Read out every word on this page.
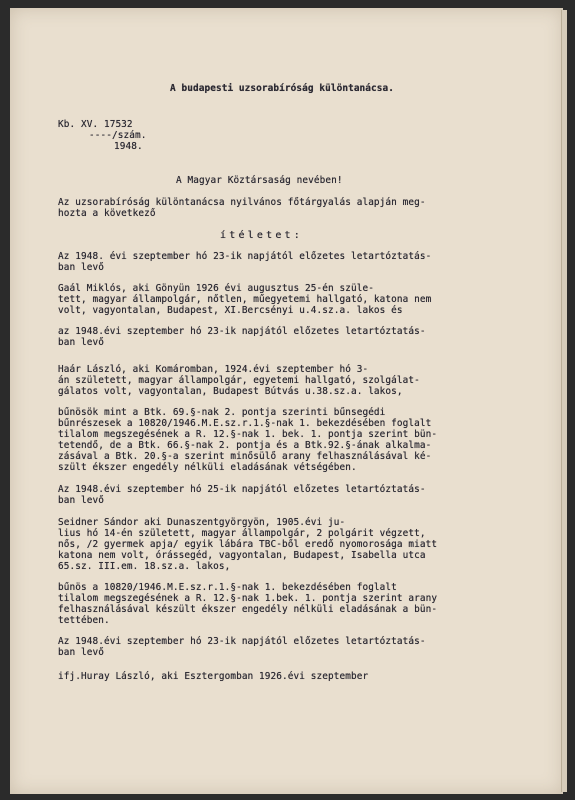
A budapesti uzsorabíróság különtanácsa.
Kb. XV. 17532
----/szám.
1948.
A Magyar Köztársaság nevében!
Az uzsorabíróság különtanácsa nyilvános főtárgyalás alapján meg-
hozta a következő
ítéletet:
Az 1948. évi szeptember hó 23-ik napjától előzetes letartóztatás-
ban levő
Gaál Miklós, aki Gönyün 1926 évi augusztus 25-én szüle-
tett, magyar állampolgár, nőtlen, műegyetemi hallgató, katona nem
volt, vagyontalan, Budapest, XI.Bercsényi u.4.sz.a. lakos és
az 1948.évi szeptember hó 23-ik napjától előzetes letartóztatás-
ban levő
Haár László, aki Komáromban, 1924.évi szeptember hó 3-
án született, magyar állampolgár, egyetemi hallgató, szolgálat-
gálatos volt, vagyontalan, Budapest Bútvás u.38.sz.a. lakos,
bűnösök mint a Btk. 69.§-nak 2. pontja szerinti bűnsegédi
bűnrészesek a 10820/1946.M.E.sz.r.1.§-nak 1. bekezdésében foglalt
tilalom megszegésének a R. 12.§-nak 1. bek. 1. pontja szerint bün-
tetendő, de a Btk. 66.§-nak 2. pontja és a Btk.92.§-ának alkalma-
zásával a Btk. 20.§-a szerint minősülő arany felhasználásával ké-
szült ékszer engedély nélküli eladásának vétségében.
Az 1948.évi szeptember hó 25-ik napjától előzetes letartóztatás-
ban levő
Seidner Sándor aki Dunaszentgyörgyön, 1905.évi ju-
lius hó 14-én született, magyar állampolgár, 2 polgárit végzett,
nős, /2 gyermek apja/ egyik lábára TBC-ből eredő nyomorosága miatt
katona nem volt, órássegéd, vagyontalan, Budapest, Isabella utca
65.sz. III.em. 18.sz.a. lakos,
bűnös a 10820/1946.M.E.sz.r.1.§-nak 1. bekezdésében foglalt
tilalom megszegésének a R. 12.§-nak 1.bek. 1. pontja szerint arany
felhasználásával készült ékszer engedély nélküli eladásának a bün-
tettében.
Az 1948.évi szeptember hó 23-ik napjától előzetes letartóztatás-
ban levő
ifj.Huray László, aki Esztergomban 1926.évi szeptember
